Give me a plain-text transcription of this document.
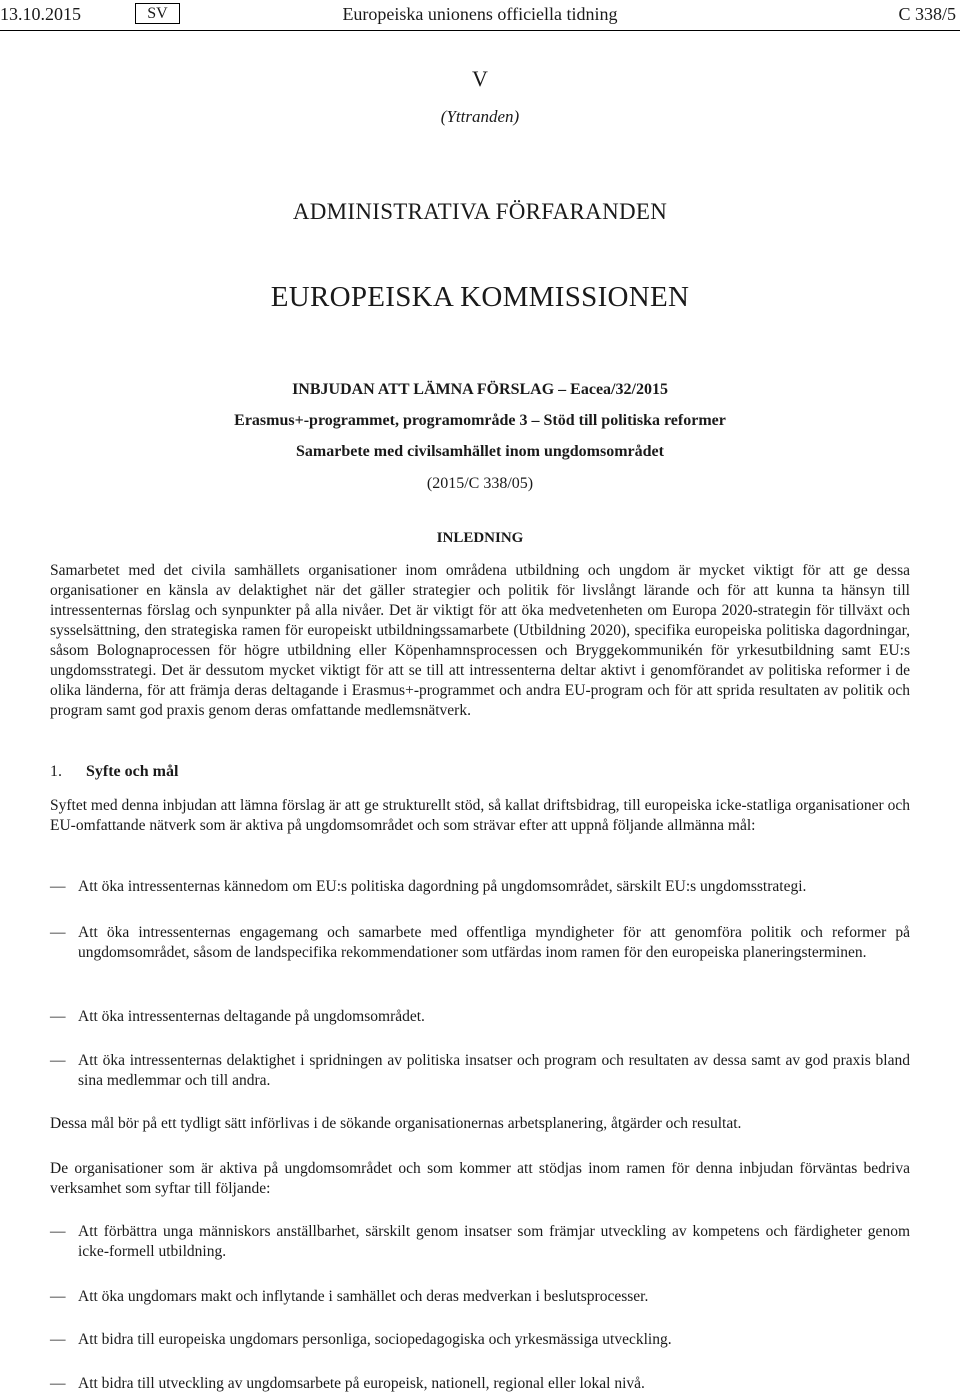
13.10.2015	SV	Europeiska unionens officiella tidning	C 338/5
V
(Yttranden)
ADMINISTRATIVA FÖRFARANDEN
EUROPEISKA KOMMISSIONEN
INBJUDAN ATT LÄMNA FÖRSLAG – Eacea/32/2015
Erasmus+-programmet, programområde 3 – Stöd till politiska reformer
Samarbete med civilsamhället inom ungdomsområdet
(2015/C 338/05)
INLEDNING

Samarbetet med det civila samhällets organisationer inom områdena utbildning och ungdom är mycket viktigt för att ge dessa organisationer en känsla av delaktighet när det gäller strategier och politik för livslångt lärande och för att kunna ta hänsyn till intressenternas förslag och synpunkter på alla nivåer. Det är viktigt för att öka medvetenheten om Europa 2020-strategin för tillväxt och sysselsättning, den strategiska ramen för europeiskt utbildningssamarbete (Utbildning 2020), specifika europeiska politiska dagordningar, såsom Bolognaprocessen för högre utbildning eller Köpenhamnsprocessen och Bryggekommunikén för yrkesutbildning samt EU:s ungdomsstrategi. Det är dessutom mycket viktigt för att se till att intressenterna deltar aktivt i genomförandet av politiska reformer i de olika länderna, för att främja deras deltagande i Erasmus+-programmet och andra EU-program och för att sprida resultaten av politik och program samt god praxis genom deras omfattande medlemsnätverk.

1. Syfte och mål

Syftet med denna inbjudan att lämna förslag är att ge strukturellt stöd, så kallat driftsbidrag, till europeiska icke-statliga organisationer och EU-omfattande nätverk som är aktiva på ungdomsområdet och som strävar efter att uppnå följande allmänna mål:

— Att öka intressenternas kännedom om EU:s politiska dagordning på ungdomsområdet, särskilt EU:s ungdomsstrategi.
— Att öka intressenternas engagemang och samarbete med offentliga myndigheter för att genomföra politik och reformer på ungdomsområdet, såsom de landspecifika rekommendationer som utfärdas inom ramen för den europeiska planeringsterminen.
— Att öka intressenternas deltagande på ungdomsområdet.
— Att öka intressenternas delaktighet i spridningen av politiska insatser och program och resultaten av dessa samt av god praxis bland sina medlemmar och till andra.

Dessa mål bör på ett tydligt sätt införlivas i de sökande organisationernas arbetsplanering, åtgärder och resultat.

De organisationer som är aktiva på ungdomsområdet och som kommer att stödjas inom ramen för denna inbjudan förväntas bedriva verksamhet som syftar till följande:

— Att förbättra unga människors anställbarhet, särskilt genom insatser som främjar utveckling av kompetens och färdigheter genom icke-formell utbildning.
— Att öka ungdomars makt och inflytande i samhället och deras medverkan i beslutsprocesser.
— Att bidra till europeiska ungdomars personliga, sociopedagogiska och yrkesmässiga utveckling.
— Att bidra till utveckling av ungdomsarbete på europeisk, nationell, regional eller lokal nivå.
